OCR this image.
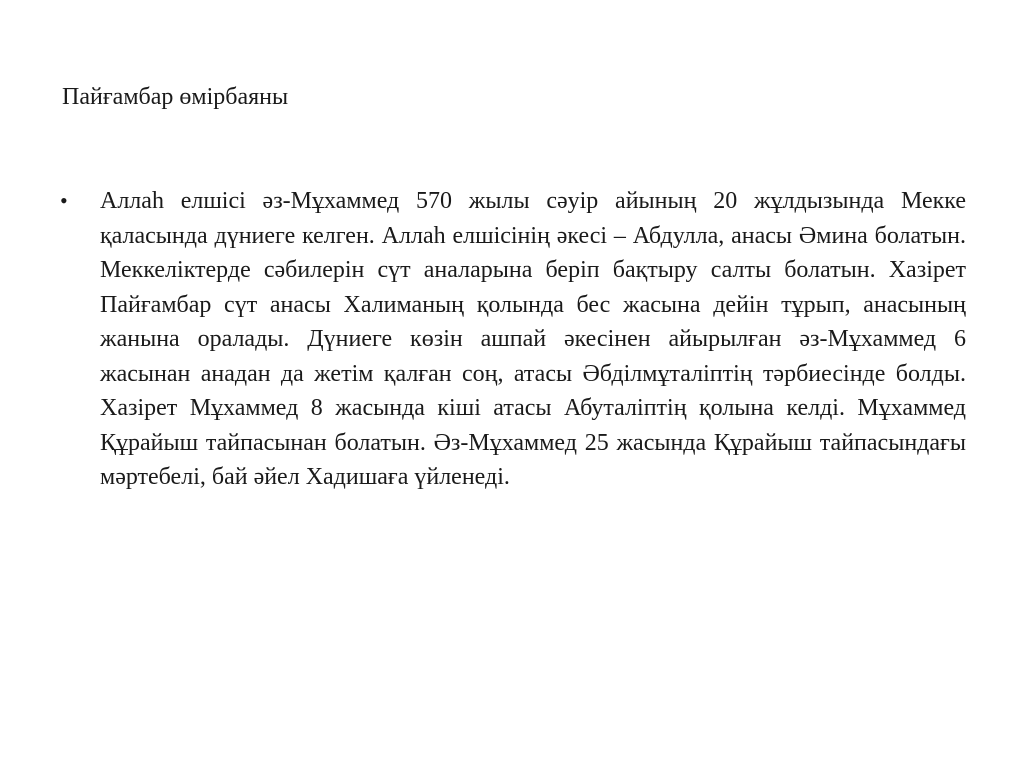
Пайғамбар өмірбаяны
•	Аллаһ елшісі әз-Мұхаммед 570 жылы сәуір айының 20 жұлдызында Мекке қаласында дүниеге келген. Аллаһ елшісінің әкесі – Абдулла, анасы Әмина болатын. Меккеліктерде сәбилерін сүт аналарына беріп бақтыру салты болатын. Хазірет Пайғамбар сүт анасы Халиманың қолында бес жасына дейін тұрып, анасының жанына оралады. Дүниеге көзін ашпай әкесінен айырылған әз-Мұхаммед 6 жасынан анадан да жетім қалған соң, атасы Әбділмұталіптің тәрбиесінде болды. Хазірет Мұхаммед 8 жасында кіші атасы Абуталіптің қолына келді. Мұхаммед Құрайыш тайпасынан болатын. Әз-Мұхаммед 25 жасында Құрайыш тайпасындағы мәртебелі, бай әйел Хадишаға үйленеді.
